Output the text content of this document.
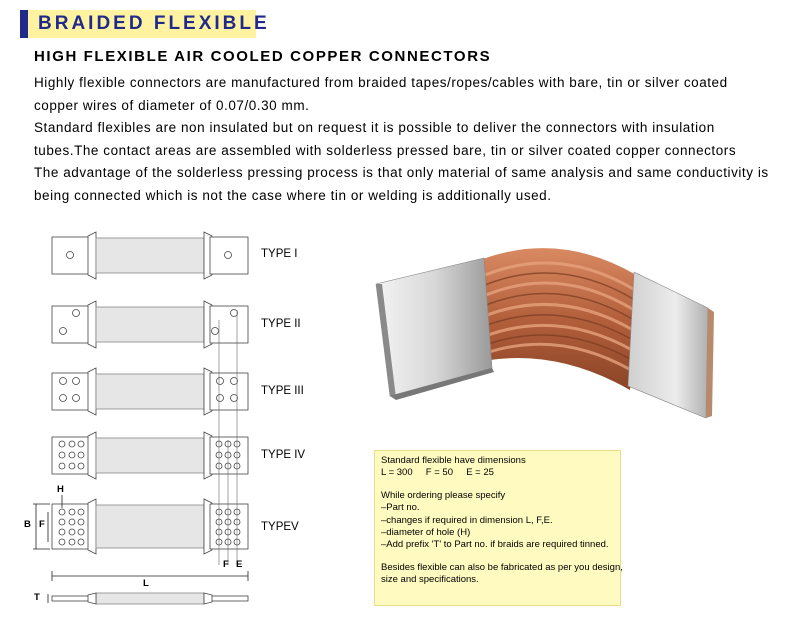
BRAIDED FLEXIBLE
HIGH FLEXIBLE AIR COOLED COPPER CONNECTORS

Highly flexible connectors are manufactured from braided tapes/ropes/cables with bare, tin or silver coated copper wires of diameter of 0.07/0.30 mm.

Standard flexibles are non insulated but on request it is possible to deliver the connectors with insulation tubes.The contact areas are assembled with solderless pressed bare, tin or silver coated copper connectors

The advantage of the solderless pressing process is that only material of same analysis and same conductivity is being connected which is not the case where tin or welding is additionally used.

TYPE I
TYPE II
TYPE III
TYPE IV
TYPEV
H
B F
F E
L
T
Standard flexible have dimensions
L = 300     F = 50     E = 25
While ordering please specify
–Part no.
–changes if required in dimension L, F,E.
–diameter of hole (H)
–Add prefix 'T' to Part no. if braids are required tinned.
Besides flexible can also be fabricated as per you design,
size and specifications.
